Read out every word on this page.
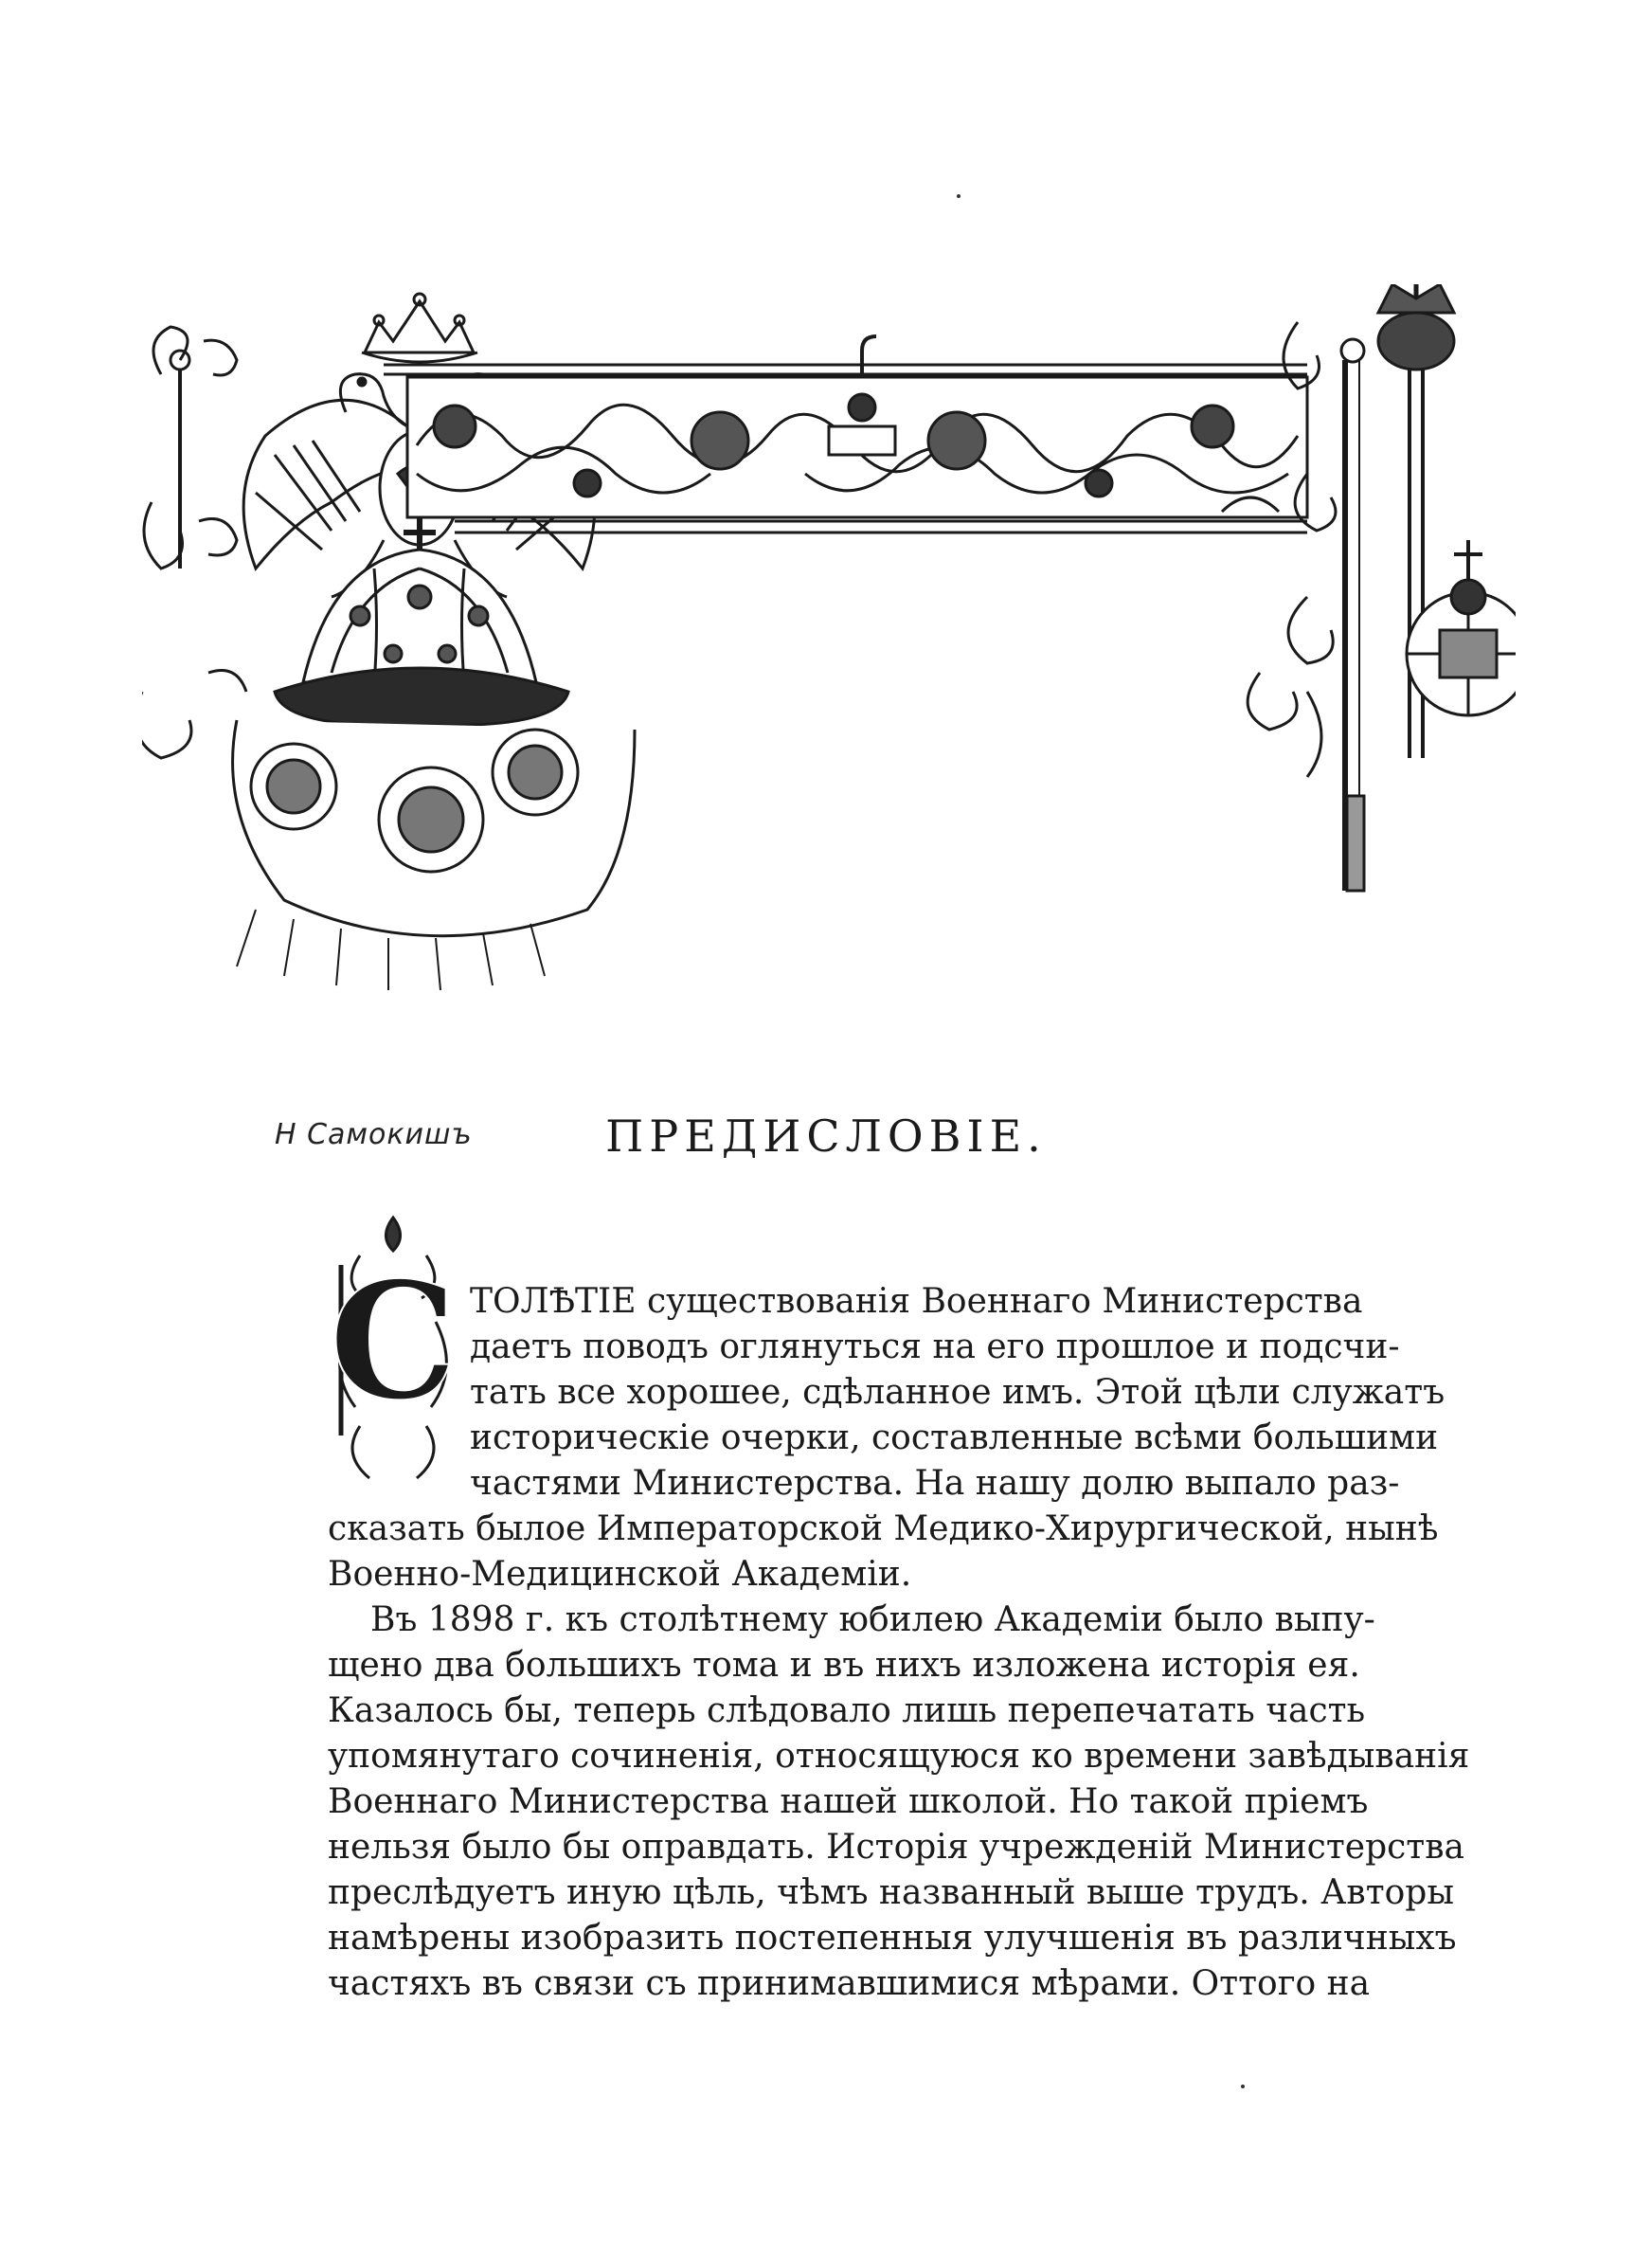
Н Самокишъ	ПРЕДИСЛОВIЕ.
С ТОЛѢТIЕ существованiя Военнаго Министерства
даетъ поводъ оглянуться на его прошлое и подсчи-
тать все хорошее, сдѣланное имъ. Этой цѣли служатъ
историческiе очерки, составленные всѣми большими
частями Министерства. На нашу долю выпало раз-
сказать былое Императорской Медико-Хирургической, нынѣ
Военно-Медицинской Академiи.
Въ 1898 г. къ столѣтнему юбилею Академiи было выпу-
щено два большихъ тома и въ нихъ изложена исторiя ея.
Казалось бы, теперь слѣдовало лишь перепечатать часть
упомянутаго сочиненiя, относящуюся ко времени завѣдыванiя
Военнаго Министерства нашей школой. Но такой прiемъ
нельзя было бы оправдать. Исторiя учрежденiй Министерства
преслѣдуетъ иную цѣль, чѣмъ названный выше трудъ. Авторы
намѣрены изобразить постепенныя улучшенiя въ различныхъ
частяхъ въ связи съ принимавшимися мѣрами. Оттого на
